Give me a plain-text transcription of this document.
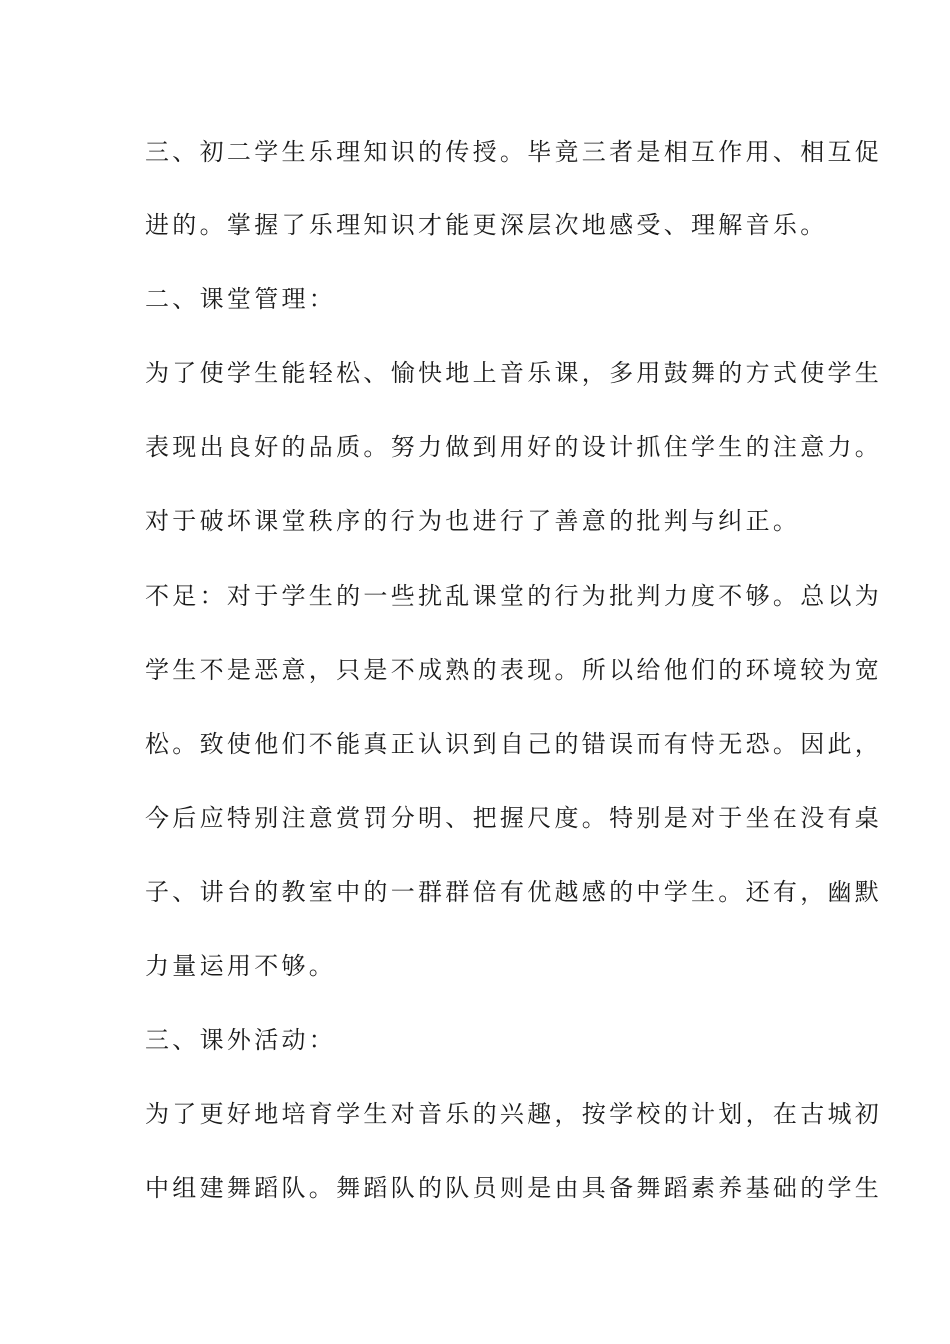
三、初二学生乐理知识的传授。毕竟三者是相互作用、相互促
进的。掌握了乐理知识才能更深层次地感受、理解音乐。
二、课堂管理：
为了使学生能轻松、愉快地上音乐课，多用鼓舞的方式使学生
表现出良好的品质。努力做到用好的设计抓住学生的注意力。
对于破坏课堂秩序的行为也进行了善意的批判与纠正。
不足：对于学生的一些扰乱课堂的行为批判力度不够。总以为
学生不是恶意，只是不成熟的表现。所以给他们的环境较为宽
松。致使他们不能真正认识到自己的错误而有恃无恐。因此，
今后应特别注意赏罚分明、把握尺度。特别是对于坐在没有桌
子、讲台的教室中的一群群倍有优越感的中学生。还有，幽默
力量运用不够。
三、课外活动：
为了更好地培育学生对音乐的兴趣，按学校的计划，在古城初
中组建舞蹈队。舞蹈队的队员则是由具备舞蹈素养基础的学生
